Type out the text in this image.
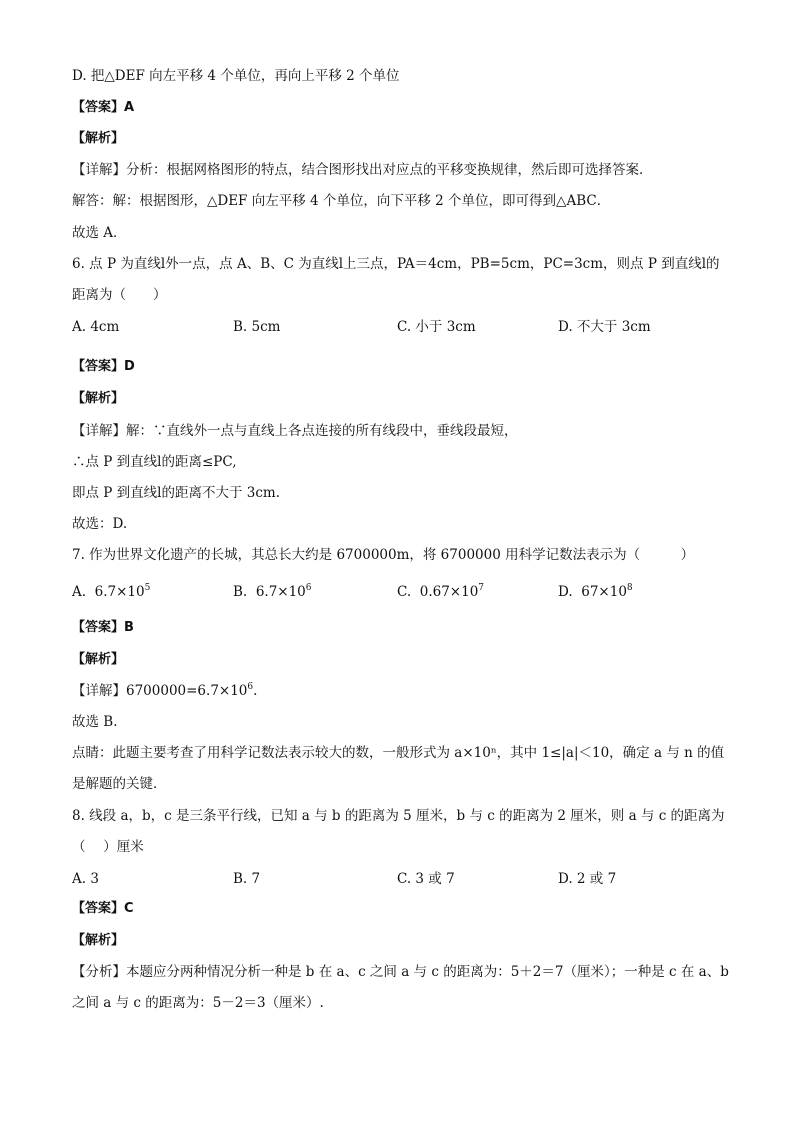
D. 把△DEF 向左平移 4 个单位，再向上平移 2 个单位
【答案】A
【解析】
【详解】分析：根据网格图形的特点，结合图形找出对应点的平移变换规律，然后即可选择答案．
解答：解：根据图形，△DEF 向左平移 4 个单位，向下平移 2 个单位，即可得到△ABC．
故选 A．
6. 点 P 为直线l外一点，点 A、B、C 为直线l上三点，PA＝4cm，PB=5cm，PC=3cm，则点 P 到直线l的
距离为（　　）
A. 4cm	B. 5cm	C. 小于 3cm	D. 不大于 3cm
【答案】D
【解析】
【详解】解：∵直线外一点与直线上各点连接的所有线段中，垂线段最短，
∴点 P 到直线l的距离≤PC,
即点 P 到直线l的距离不大于 3cm.
故选：D.
7. 作为世界文化遗产的长城，其总长大约是 6700000m，将 6700000 用科学记数法表示为（　　　）
A. $6.7\times 10^5$	B. $6.7\times 10^6$	C. $0.67\times 10^7$	D. $67\times 10^8$
【答案】B
【解析】
【详解】$6700000=6.7\times 10^6$.
故选 B.
点睛：此题主要考查了用科学记数法表示较大的数，一般形式为 a×10ⁿ，其中 1≤|a|＜10，确定 a 与 n 的值
是解题的关键．
8. 线段 a，b，c 是三条平行线，已知 a 与 b 的距离为 5 厘米，b 与 c 的距离为 2 厘米，则 a 与 c 的距离为
（　 ）厘米
A. 3	B. 7	C. 3 或 7	D. 2 或 7
【答案】C
【解析】
【分析】本题应分两种情况分析一种是 b 在 a、c 之间 a 与 c 的距离为：5＋2＝7（厘米）；一种是 c 在 a、b
之间 a 与 c 的距离为：5－2＝3（厘米）.
